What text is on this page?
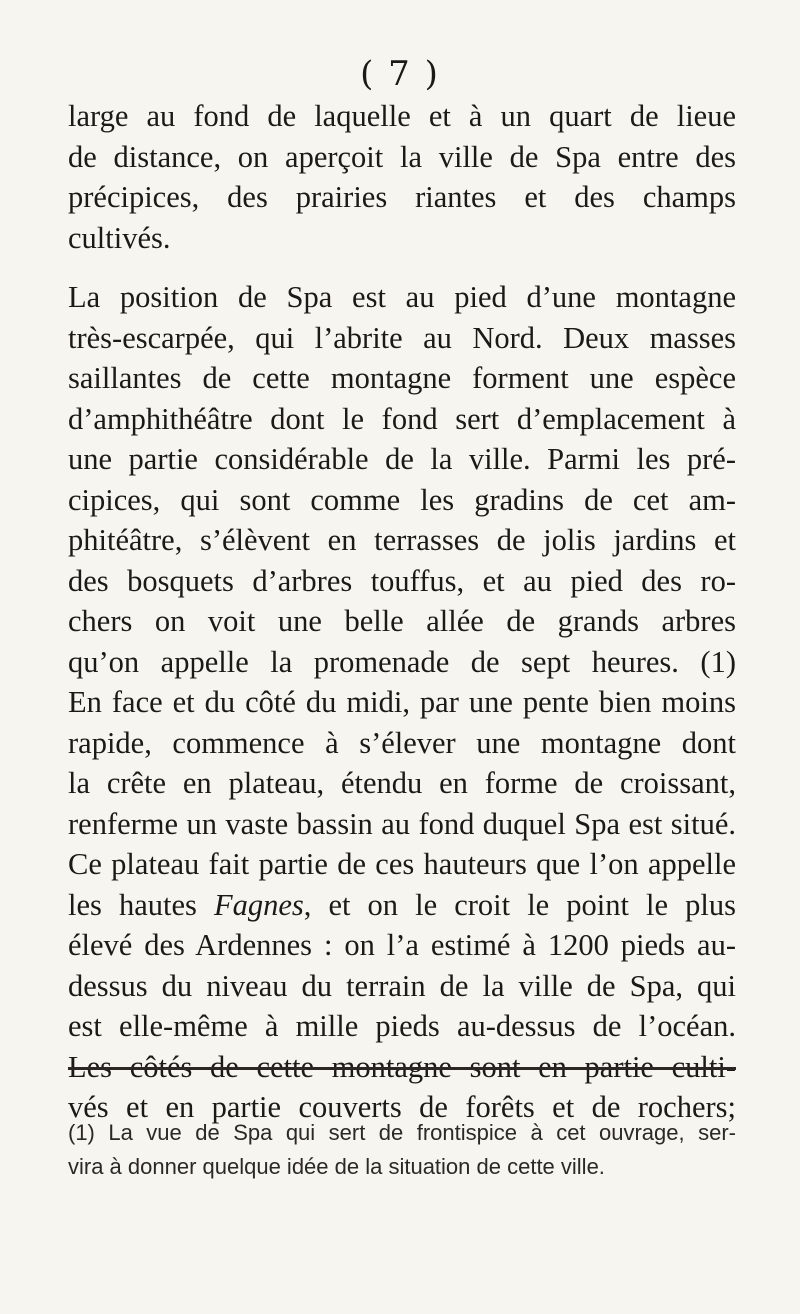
( 7 )
large au fond de laquelle et à un quart de lieue
de distance, on aperçoit la ville de Spa entre des
précipices, des prairies riantes et des champs
cultivés.
La position de Spa est au pied d’une montagne
très-escarpée, qui l’abrite au Nord. Deux masses
saillantes de cette montagne forment une espèce
d’amphithéâtre dont le fond sert d’emplacement à
une partie considérable de la ville. Parmi les pré-
cipices, qui sont comme les gradins de cet am-
phitéâtre, s’élèvent en terrasses de jolis jardins et
des bosquets d’arbres touffus, et au pied des ro-
chers on voit une belle allée de grands arbres
qu’on appelle la promenade de sept heures. (1)
En face et du côté du midi, par une pente bien moins
rapide, commence à s’élever une montagne dont
la crête en plateau, étendu en forme de croissant,
renferme un vaste bassin au fond duquel Spa est situé.
Ce plateau fait partie de ces hauteurs que l’on appelle
les hautes Fagnes, et on le croit le point le plus
élevé des Ardennes : on l’a estimé à 1200 pieds au-
dessus du niveau du terrain de la ville de Spa, qui
est elle-même à mille pieds au-dessus de l’océan.
Les côtés de cette montagne sont en partie culti-
vés et en partie couverts de forêts et de rochers;
(1) La vue de Spa qui sert de frontispice à cet ouvrage, ser-
vira à donner quelque idée de la situation de cette ville.
